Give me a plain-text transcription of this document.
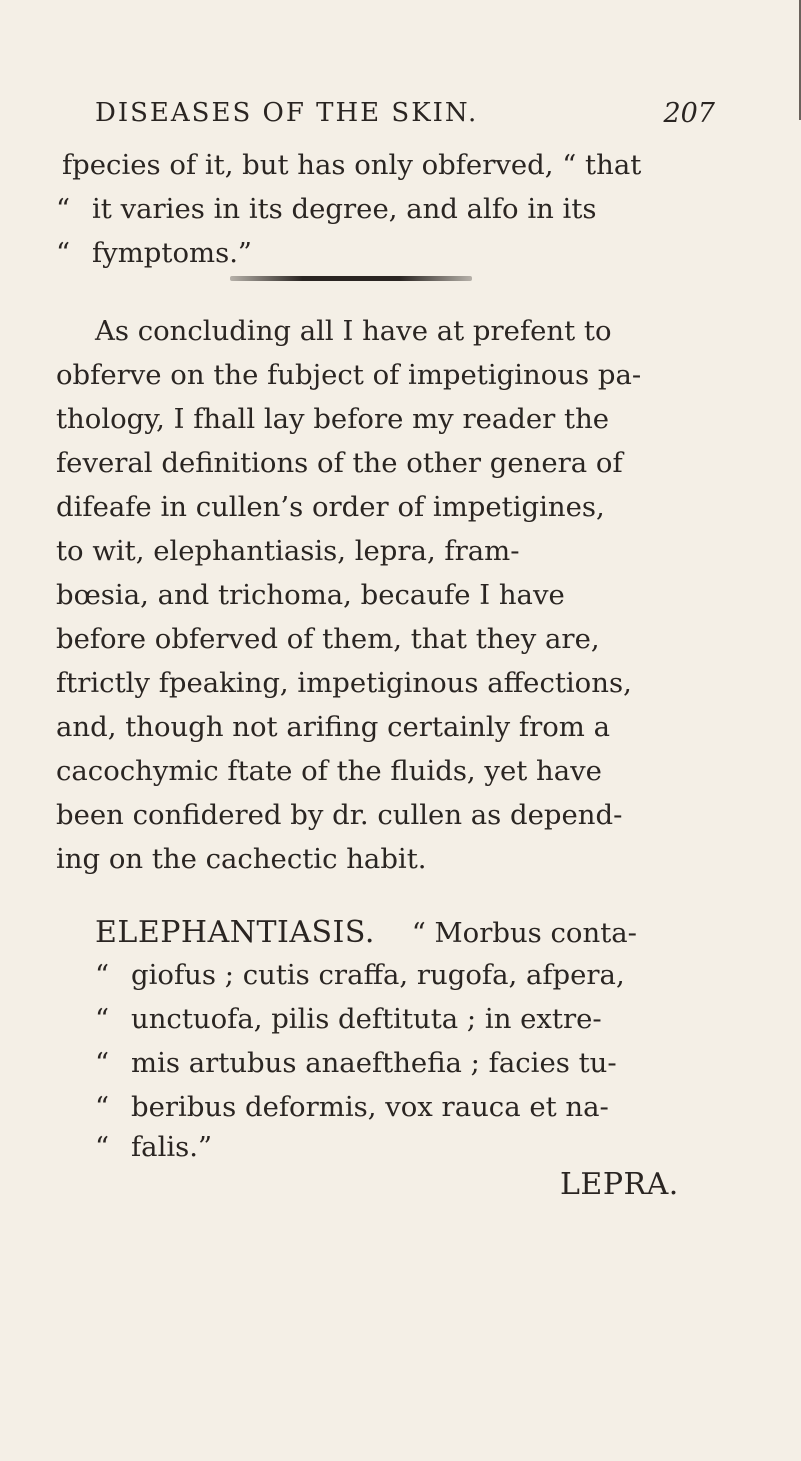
DISEASES OF THE SKIN.	207
fpecies of it, but has only obferved, “ that
“ it varies in its degree, and alfo in its
“ fymptoms.”
As concluding all I have at prefent to
obferve on the fubject of impetiginous pa-
thology, I fhall lay before my reader the
feveral definitions of the other genera of
difeafe in cullen’s order of impetigines,
to wit, elephantiasis, lepra, fram-
bœsia, and trichoma, becaufe I have
before obferved of them, that they are,
ftrictly fpeaking, impetiginous affections,
and, though not arifing certainly from a
cacochymic ftate of the fluids, yet have
been confidered by dr. cullen as depend-
ing on the cachectic habit.
ELEPHANTIASIS. “ Morbus conta-
“ giofus ; cutis craffa, rugofa, afpera,
“ unctuofa, pilis deftituta ; in extre-
“ mis artubus anaefthefia ; facies tu-
“ beribus deformis, vox rauca et na-
“ falis.”
LEPRA.
